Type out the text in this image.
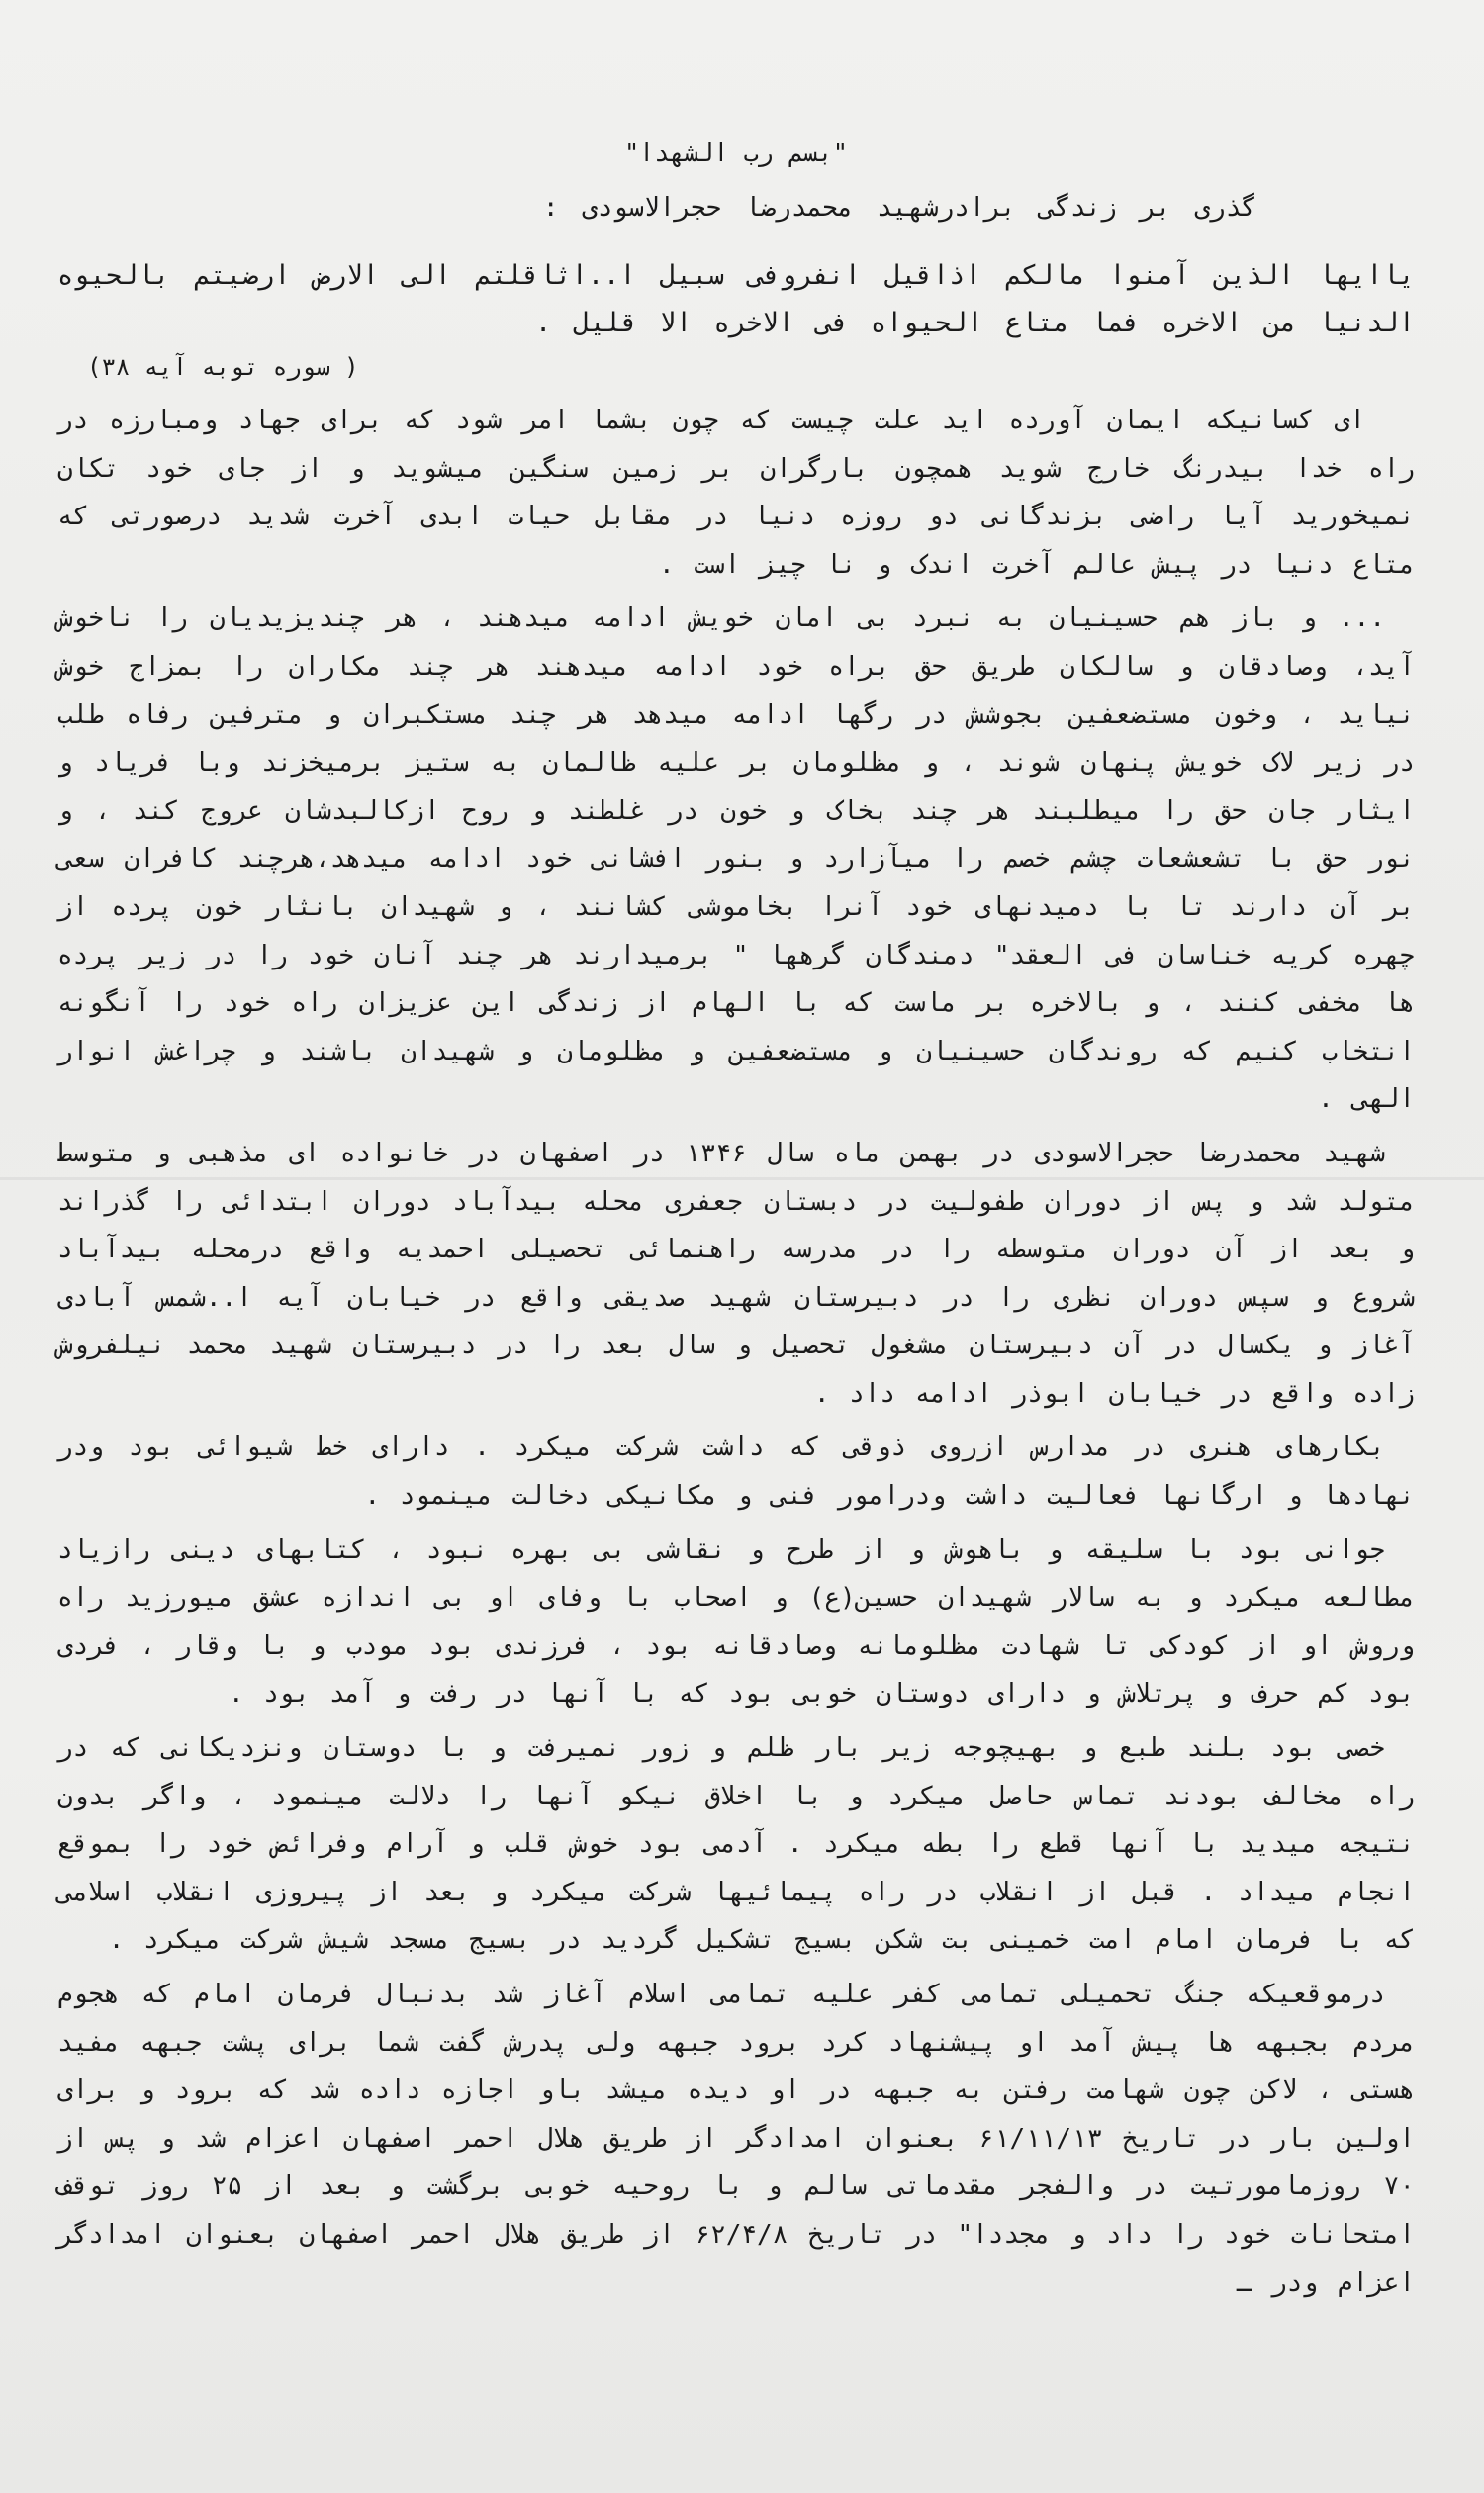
"بسم رب الشهدا"
گذری بر زندگی برادرشهید محمدرضا حجرالاسودی :
یاایها الذین آمنوا مالکم اذاقیل انفروفی سبیل ا..اثاقلتم الی الارض ارضیتم بالحیوه الدنیا من الاخره فما متاع الحیواه فی الاخره الا قلیل .
( سوره توبه آیه ۳۸)
ای کسانیکه ایمان آورده اید علت چیست که چون بشما امر شود که برای جهاد ومبارزه در راه خدا بیدرنگ خارج شوید همچون بارگران بر زمین سنگین میشوید و از جای خود تکان نمیخورید آیا راضی بزندگانی دو روزه دنیا در مقابل حیات ابدی آخرت شدید درصورتی که متاع دنیا در پیش عالم آخرت اندک و نا چیز است .
... و باز هم حسینیان به نبرد بی امان خویش ادامه میدهند ، هر چندیزیدیان را ناخوش آید، وصادقان و سالکان طریق حق براه خود ادامه میدهند هر چند مکاران را بمزاج خوش نیاید ، وخون مستضعفین بجوشش در رگها ادامه میدهد هر چند مستکبران و مترفین رفاه طلب در زیر لاک خویش پنهان شوند ، و مظلومان بر علیه ظالمان به ستیز برمیخزند وبا فریاد و ایثار جان حق را میطلبند هر چند بخاک و خون در غلطند و روح ازکالبدشان عروج کند ، و نور حق با تشعشعات چشم خصم را میآزارد و بنور افشانی خود ادامه میدهد،هرچند کافران سعی بر آن دارند تا با دمیدنهای خود آنرا بخاموشی کشانند ، و شهیدان بانثار خون پرده از چهره کریه خناسان فی العقد" دمندگان گرهها " برمیدارند هر چند آنان خود را در زیر پرده ها مخفی کنند ، و بالاخره بر ماست که با الهام از زندگی این عزیزان راه خود را آنگونه انتخاب کنیم که روندگان حسینیان و مستضعفین و مظلومان و شهیدان باشند و چراغش انوار الهی .
شهید محمدرضا حجرالاسودی در بهمن ماه سال ۱۳۴۶ در اصفهان در خانواده ای مذهبی و متوسط متولد شد و پس از دوران طفولیت در دبستان جعفری محله بیدآباد دوران ابتدائی را گذراند و بعد از آن دوران متوسطه را در مدرسه راهنمائی تحصیلی احمدیه واقع درمحله بیدآباد شروع و سپس دوران نظری را در دبیرستان شهید صدیقی واقع در خیابان آیه ا..شمس آبادی آغاز و یکسال در آن دبیرستان مشغول تحصیل و سال بعد را در دبیرستان شهید محمد نیلفروش زاده واقع در خیابان ابوذر ادامه داد .
بکارهای هنری در مدارس ازروی ذوقی که داشت شرکت میکرد . دارای خط شیوائی بود ودر نهادها و ارگانها فعالیت داشت ودرامور فنی و مکانیکی دخالت مینمود .
جوانی بود با سلیقه و باهوش و از طرح و نقاشی بی بهره نبود ، کتابهای دینی رازیاد مطالعه میکرد و به سالار شهیدان حسین(ع) و اصحاب با وفای او بی اندازه عشق میورزید راه وروش او از کودکی تا شهادت مظلومانه وصادقانه بود ، فرزندی بود مودب و با وقار ، فردی بود کم حرف و پرتلاش و دارای دوستان خوبی بود که با آنها در رفت و آمد بود .
خصی بود بلند طبع و بهیچوجه زیر بار ظلم و زور نمیرفت و با دوستان ونزدیکانی که در راه مخالف بودند تماس حاصل میکرد و با اخلاق نیکو آنها را دلالت مینمود ، واگر بدون نتیجه میدید با آنها قطع را بطه میکرد . آدمی بود خوش قلب و آرام وفرائض خود را بموقع انجام میداد . قبل از انقلاب در راه پیمائیها شرکت میکرد و بعد از پیروزی انقلاب اسلامی که با فرمان امام امت خمینی بت شکن بسیج تشکیل گردید در بسیج مسجد شیش شرکت میکرد .
درموقعیکه جنگ تحمیلی تمامی کفر علیه تمامی اسلام آغاز شد بدنبال فرمان امام که هجوم مردم بجبهه ها پیش آمد او پیشنهاد کرد برود جبهه ولی پدرش گفت شما برای پشت جبهه مفید هستی ، لاکن چون شهامت رفتن به جبهه در او دیده میشد باو اجازه داده شد که برود و برای اولین بار در تاریخ ۶۱/۱۱/۱۳ بعنوان امدادگر از طریق هلال احمر اصفهان اعزام شد و پس از ۷۰ روزمامورتیت در والفجر مقدماتی سالم و با روحیه خوبی برگشت و بعد از ۲۵ روز توقف امتحانات خود را داد و مجددا" در تاریخ ۶۲/۴/۸ از طریق هلال احمر اصفهان بعنوان امدادگر اعزام ودر ـ
